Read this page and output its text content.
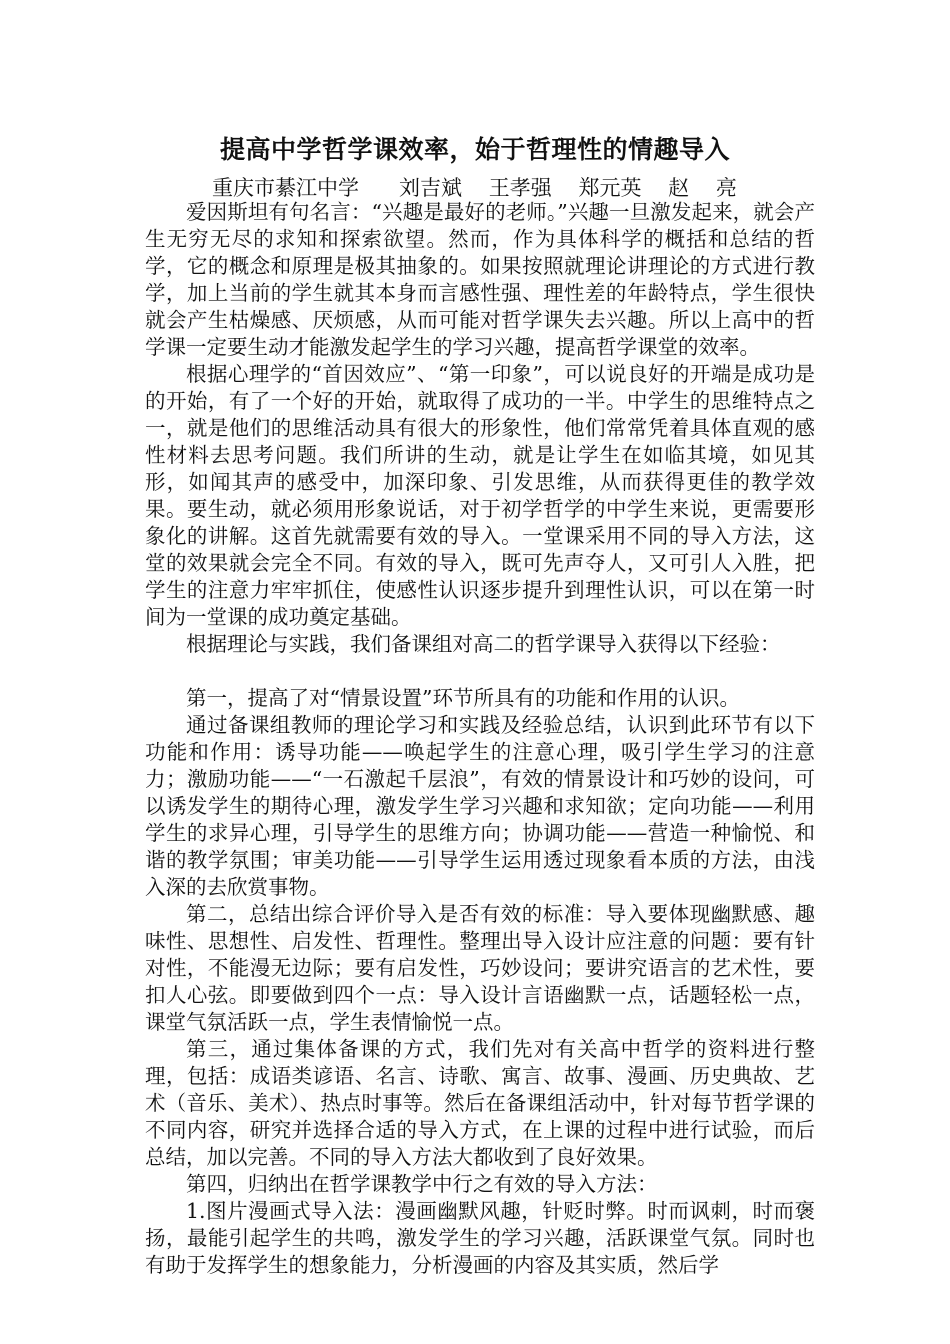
提高中学哲学课效率，始于哲理性的情趣导入
重庆市綦江中学      刘吉斌    王孝强    郑元英    赵    亮

爱因斯坦有句名言：“兴趣是最好的老师。”兴趣一旦激发起来，就会产生无穷无尽的求知和探索欲望。然而，作为具体科学的概括和总结的哲学，它的概念和原理是极其抽象的。如果按照就理论讲理论的方式进行教学，加上当前的学生就其本身而言感性强、理性差的年龄特点，学生很快就会产生枯燥感、厌烦感，从而可能对哲学课失去兴趣。所以上高中的哲学课一定要生动才能激发起学生的学习兴趣，提高哲学课堂的效率。

根据心理学的“首因效应”、“第一印象”，可以说良好的开端是成功是的开始，有了一个好的开始，就取得了成功的一半。中学生的思维特点之一，就是他们的思维活动具有很大的形象性，他们常常凭着具体直观的感性材料去思考问题。我们所讲的生动，就是让学生在如临其境，如见其形，如闻其声的感受中，加深印象、引发思维，从而获得更佳的教学效果。要生动，就必须用形象说话，对于初学哲学的中学生来说，更需要形象化的讲解。这首先就需要有效的导入。一堂课采用不同的导入方法，这堂的效果就会完全不同。有效的导入，既可先声夺人，又可引人入胜，把学生的注意力牢牢抓住，使感性认识逐步提升到理性认识，可以在第一时间为一堂课的成功奠定基础。

根据理论与实践，我们备课组对高二的哲学课导入获得以下经验：

第一，提高了对“情景设置”环节所具有的功能和作用的认识。

通过备课组教师的理论学习和实践及经验总结，认识到此环节有以下功能和作用：诱导功能——唤起学生的注意心理，吸引学生学习的注意力；激励功能——“一石激起千层浪”，有效的情景设计和巧妙的设问，可以诱发学生的期待心理，激发学生学习兴趣和求知欲；定向功能——利用学生的求异心理，引导学生的思维方向；协调功能——营造一种愉悦、和谐的教学氛围；审美功能——引导学生运用透过现象看本质的方法，由浅入深的去欣赏事物。

第二，总结出综合评价导入是否有效的标准：导入要体现幽默感、趣味性、思想性、启发性、哲理性。整理出导入设计应注意的问题：要有针对性，不能漫无边际；要有启发性，巧妙设问；要讲究语言的艺术性，要扣人心弦。即要做到四个一点：导入设计言语幽默一点，话题轻松一点，课堂气氛活跃一点，学生表情愉悦一点。

第三，通过集体备课的方式，我们先对有关高中哲学的资料进行整理，包括：成语类谚语、名言、诗歌、寓言、故事、漫画、历史典故、艺术（音乐、美术）、热点时事等。然后在备课组活动中，针对每节哲学课的不同内容，研究并选择合适的导入方式，在上课的过程中进行试验，而后总结，加以完善。不同的导入方法大都收到了良好效果。

第四，归纳出在哲学课教学中行之有效的导入方法：

1.图片漫画式导入法：漫画幽默风趣，针贬时弊。时而讽刺，时而褒扬，最能引起学生的共鸣，激发学生的学习兴趣，活跃课堂气氛。同时也有助于发挥学生的想象能力，分析漫画的内容及其实质，然后学
